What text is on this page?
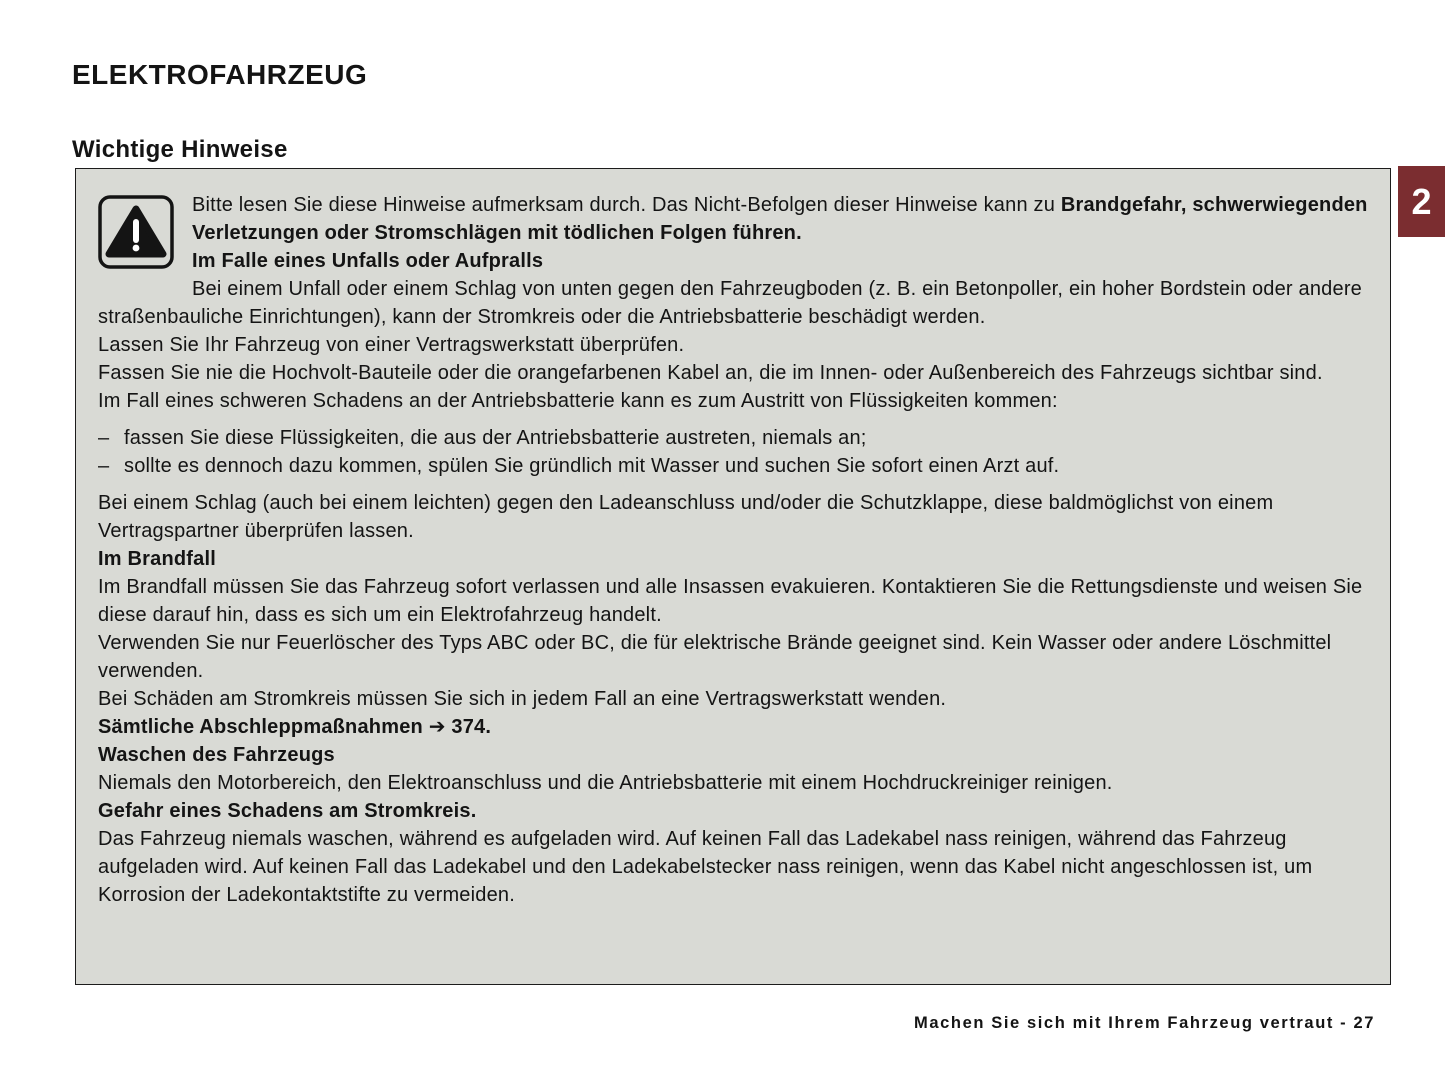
ELEKTROFAHRZEUG
Wichtige Hinweise

Bitte lesen Sie diese Hinweise aufmerksam durch. Das Nicht-Befolgen dieser Hinweise kann zu Brandgefahr, schwerwiegenden Verletzungen oder Stromschlägen mit tödlichen Folgen führen.

Im Falle eines Unfalls oder Aufpralls

Bei einem Unfall oder einem Schlag von unten gegen den Fahrzeugboden (z. B. ein Betonpoller, ein hoher Bordstein oder andere straßenbauliche Einrichtungen), kann der Stromkreis oder die Antriebsbatterie beschädigt werden.

Lassen Sie Ihr Fahrzeug von einer Vertragswerkstatt überprüfen.

Fassen Sie nie die Hochvolt-Bauteile oder die orangefarbenen Kabel an, die im Innen- oder Außenbereich des Fahrzeugs sichtbar sind.

Im Fall eines schweren Schadens an der Antriebsbatterie kann es zum Austritt von Flüssigkeiten kommen:

– fassen Sie diese Flüssigkeiten, die aus der Antriebsbatterie austreten, niemals an;

– sollte es dennoch dazu kommen, spülen Sie gründlich mit Wasser und suchen Sie sofort einen Arzt auf.

Bei einem Schlag (auch bei einem leichten) gegen den Ladeanschluss und/oder die Schutzklappe, diese baldmöglichst von einem Vertragspartner überprüfen lassen.

Im Brandfall

Im Brandfall müssen Sie das Fahrzeug sofort verlassen und alle Insassen evakuieren. Kontaktieren Sie die Rettungsdienste und weisen Sie diese darauf hin, dass es sich um ein Elektrofahrzeug handelt.

Verwenden Sie nur Feuerlöscher des Typs ABC oder BC, die für elektrische Brände geeignet sind. Kein Wasser oder andere Löschmittel verwenden.

Bei Schäden am Stromkreis müssen Sie sich in jedem Fall an eine Vertragswerkstatt wenden.

Sämtliche Abschleppmaßnahmen ➔ 374.

Waschen des Fahrzeugs

Niemals den Motorbereich, den Elektroanschluss und die Antriebsbatterie mit einem Hochdruckreiniger reinigen.

Gefahr eines Schadens am Stromkreis.

Das Fahrzeug niemals waschen, während es aufgeladen wird. Auf keinen Fall das Ladekabel nass reinigen, während das Fahrzeug aufgeladen wird. Auf keinen Fall das Ladekabel und den Ladekabelstecker nass reinigen, wenn das Kabel nicht angeschlossen ist, um Korrosion der Ladekontaktstifte zu vermeiden.

2
Machen Sie sich mit Ihrem Fahrzeug vertraut - 27
